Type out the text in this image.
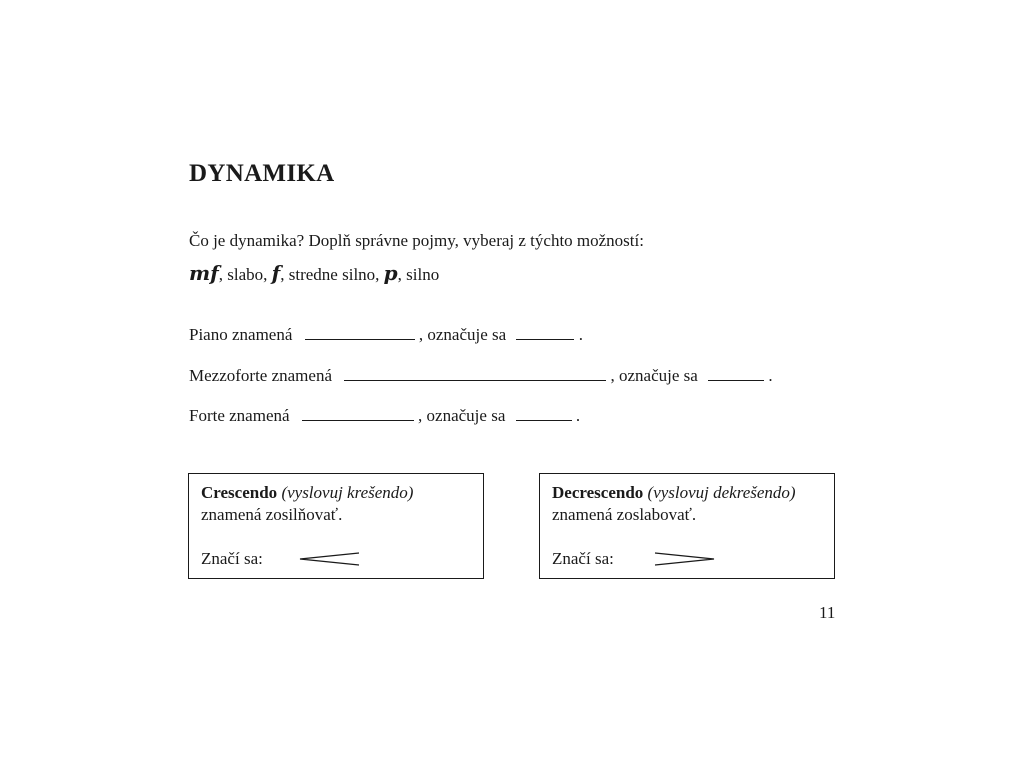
DYNAMIKA
Čo je dynamika? Doplň správne pojmy, vyberaj z týchto možností:
mf, slabo, f, stredne silno, p, silno
Piano znamená	, označuje sa	.
Mezzoforte znamená	, označuje sa	.
Forte znamená	, označuje sa	.
Crescendo (vyslovuj krešendo)
znamená zosilňovať.
Značí sa:
Decrescendo (vyslovuj dekrešendo)
znamená zoslabovať.
Značí sa:
11
